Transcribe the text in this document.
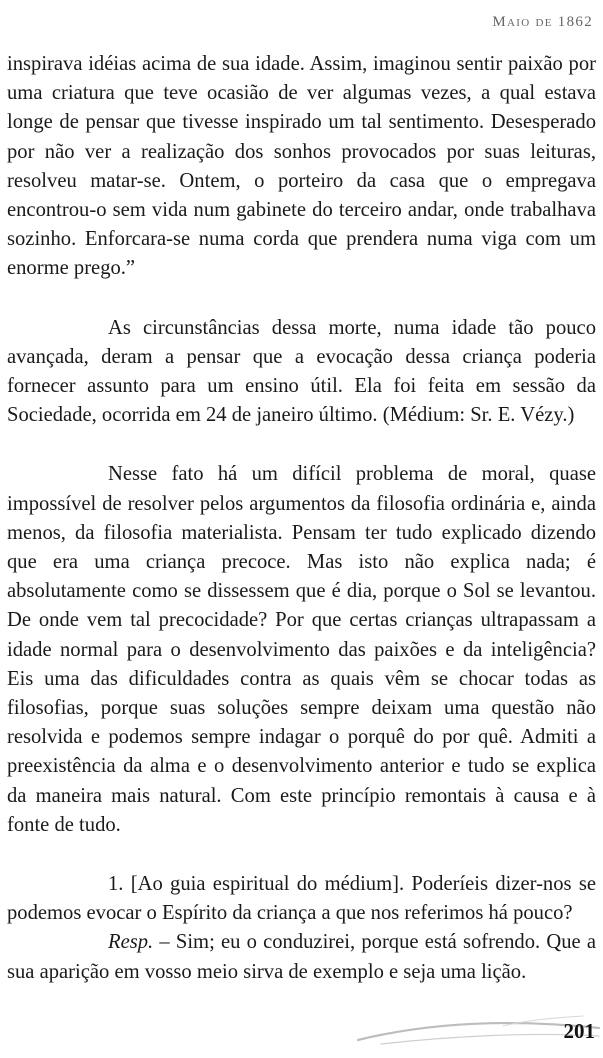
Maio de 1862

inspirava idéias acima de sua idade. Assim, imaginou sentir paixão por uma criatura que teve ocasião de ver algumas vezes, a qual estava longe de pensar que tivesse inspirado um tal sentimento. Desesperado por não ver a realização dos sonhos provocados por suas leituras, resolveu matar-se. Ontem, o porteiro da casa que o empregava encontrou-o sem vida num gabinete do terceiro andar, onde trabalhava sozinho. Enforcara-se numa corda que prendera numa viga com um enorme prego.”

As circunstâncias dessa morte, numa idade tão pouco avançada, deram a pensar que a evocação dessa criança poderia fornecer assunto para um ensino útil. Ela foi feita em sessão da Sociedade, ocorrida em 24 de janeiro último. (Médium: Sr. E. Vézy.)

Nesse fato há um difícil problema de moral, quase impossível de resolver pelos argumentos da filosofia ordinária e, ainda menos, da filosofia materialista. Pensam ter tudo explicado dizendo que era uma criança precoce. Mas isto não explica nada; é absolutamente como se dissessem que é dia, porque o Sol se levantou. De onde vem tal precocidade? Por que certas crianças ultrapassam a idade normal para o desenvolvimento das paixões e da inteligência? Eis uma das dificuldades contra as quais vêm se chocar todas as filosofias, porque suas soluções sempre deixam uma questão não resolvida e podemos sempre indagar o porquê do por quê. Admiti a preexistência da alma e o desenvolvimento anterior e tudo se explica da maneira mais natural. Com este princípio remontais à causa e à fonte de tudo.

1. [Ao guia espiritual do médium]. Poderíeis dizer-nos se podemos evocar o Espírito da criança a que nos referimos há pouco?

Resp. – Sim; eu o conduzirei, porque está sofrendo. Que a sua aparição em vosso meio sirva de exemplo e seja uma lição.

201
